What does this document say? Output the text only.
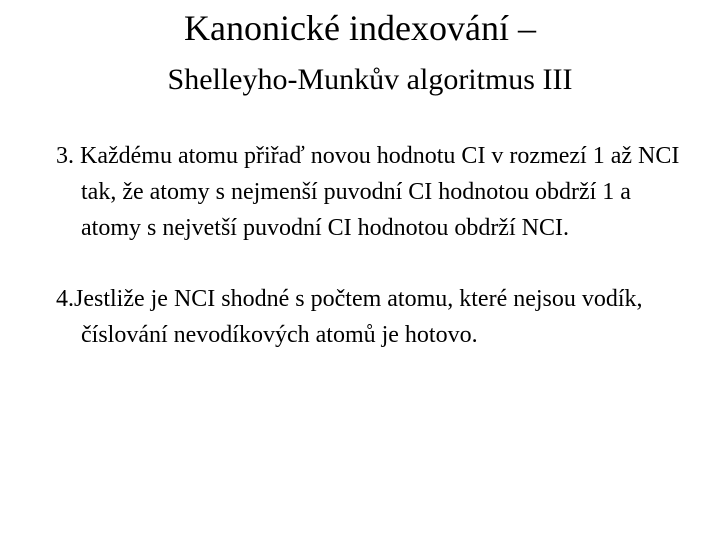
Kanonické indexování –
Shelleyho-Munkův algoritmus III

3. Každému atomu přiřaď novou hodnotu CI v rozmezí 1 až NCI tak, že atomy s nejmenší puvodní CI hodnotou obdrží 1 a atomy s nejvetší puvodní CI hodnotou obdrží NCI.

4.Jestliže je NCI shodné s počtem atomu, které nejsou vodík, číslování nevodíkových atomů je hotovo.
